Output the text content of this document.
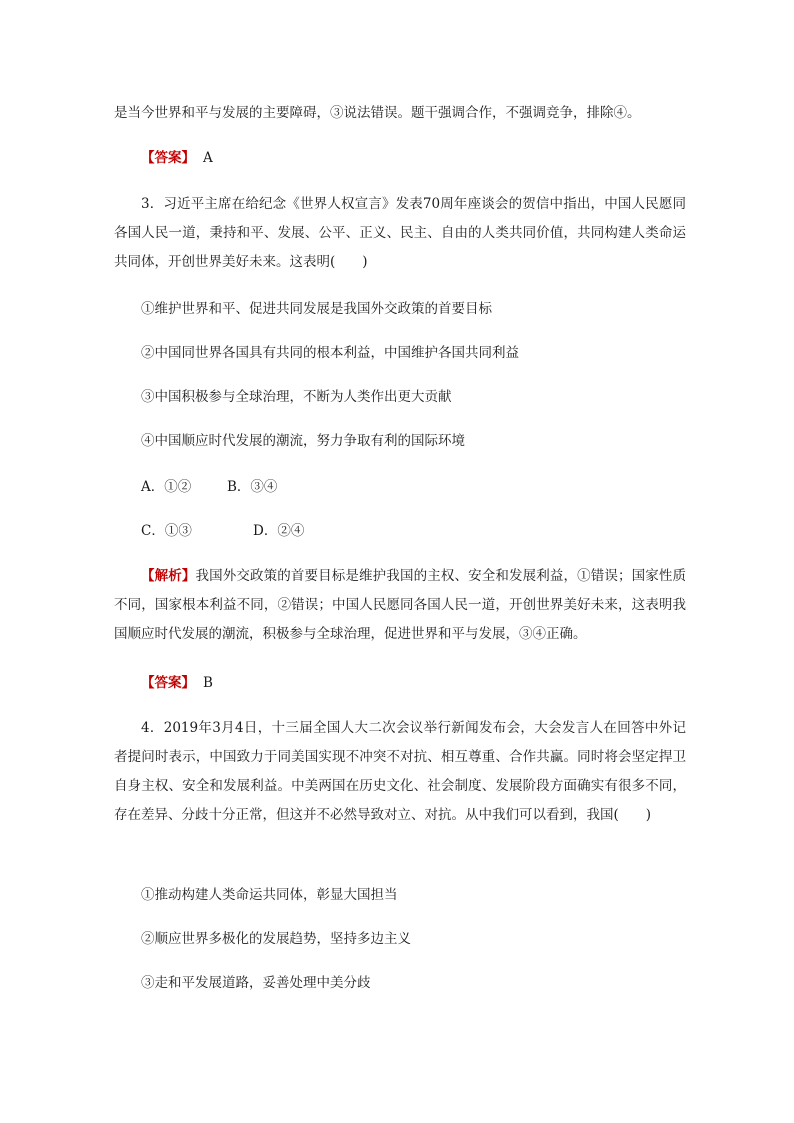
是当今世界和平与发展的主要障碍，③说法错误。题干强调合作，不强调竞争，排除④。
【答案】 A
3．习近平主席在给纪念《世界人权宣言》发表70周年座谈会的贺信中指出，中国人民愿同各国人民一道，秉持和平、发展、公平、正义、民主、自由的人类共同价值，共同构建人类命运共同体，开创世界美好未来。这表明(　　)
①维护世界和平、促进共同发展是我国外交政策的首要目标
②中国同世界各国具有共同的根本利益，中国维护各国共同利益
③中国积极参与全球治理，不断为人类作出更大贡献
④中国顺应时代发展的潮流，努力争取有利的国际环境
A．①②	B．③④
C．①③	D．②④
【解析】我国外交政策的首要目标是维护我国的主权、安全和发展利益，①错误；国家性质不同，国家根本利益不同，②错误；中国人民愿同各国人民一道，开创世界美好未来，这表明我国顺应时代发展的潮流，积极参与全球治理，促进世界和平与发展，③④正确。
【答案】 B
4．2019年3月4日，十三届全国人大二次会议举行新闻发布会，大会发言人在回答中外记者提问时表示，中国致力于同美国实现不冲突不对抗、相互尊重、合作共赢。同时将会坚定捍卫自身主权、安全和发展利益。中美两国在历史文化、社会制度、发展阶段方面确实有很多不同，存在差异、分歧十分正常，但这并不必然导致对立、对抗。从中我们可以看到，我国(　　)
①推动构建人类命运共同体，彰显大国担当
②顺应世界多极化的发展趋势，坚持多边主义
③走和平发展道路，妥善处理中美分歧
